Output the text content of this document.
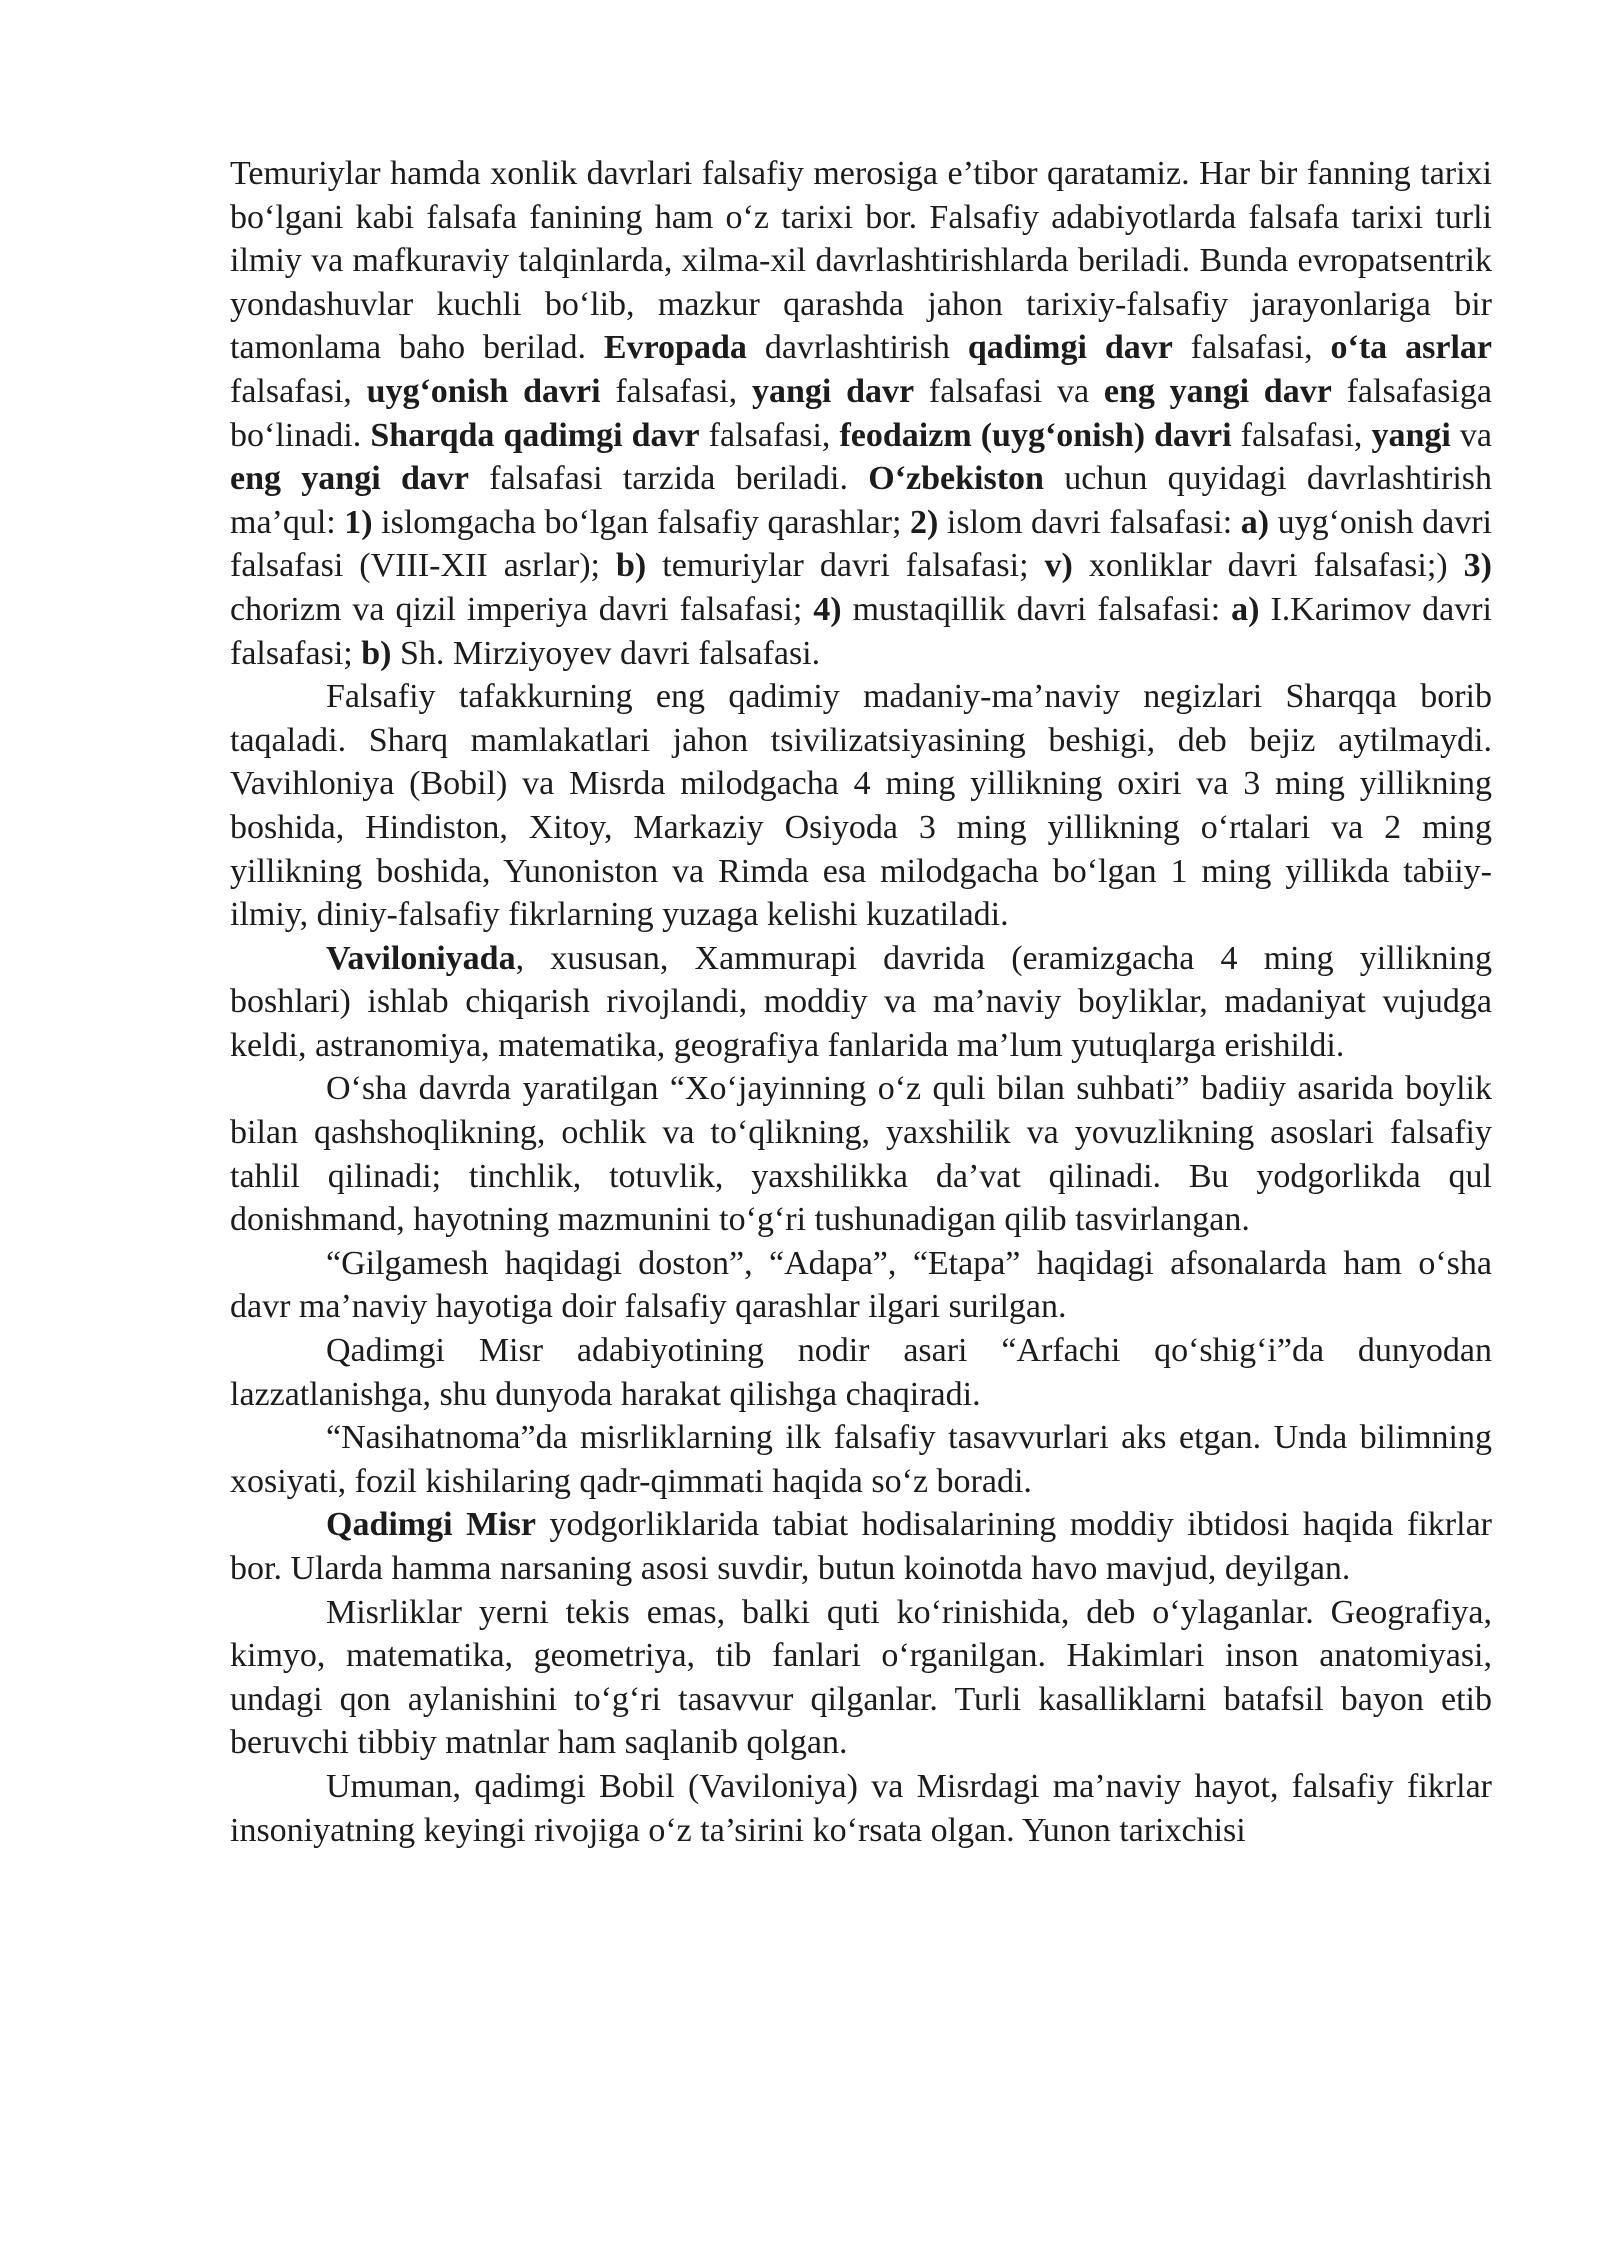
Temuriylar hamda xonlik davrlari falsafiy merosiga e’tibor qaratamiz. Har bir fanning tarixi bo‘lgani kabi falsafa fanining ham o‘z tarixi bor. Falsafiy adabiyotlarda falsafa tarixi turli ilmiy va mafkuraviy talqinlarda, xilma-xil davrlashtirishlarda beriladi. Bunda evropatsentrik yondashuvlar kuchli bo‘lib, mazkur qarashda jahon tarixiy-falsafiy jarayonlariga bir tamonlama baho berilad. Evropada davrlashtirish qadimgi davr falsafasi, o‘ta asrlar falsafasi, uyg‘onish davri falsafasi, yangi davr falsafasi va eng yangi davr falsafasiga bo‘linadi. Sharqda qadimgi davr falsafasi, feodaizm (uyg‘onish) davri falsafasi, yangi va eng yangi davr falsafasi tarzida beriladi. O‘zbekiston uchun quyidagi davrlashtirish ma’qul: 1) islomgacha bo‘lgan falsafiy qarashlar; 2) islom davri falsafasi: a) uyg‘onish davri falsafasi (VIII-XII asrlar); b) temuriylar davri falsafasi; v) xonliklar davri falsafasi;) 3) chorizm va qizil imperiya davri falsafasi; 4) mustaqillik davri falsafasi: a) I.Karimov davri falsafasi; b) Sh. Mirziyoyev davri falsafasi.

Falsafiy tafakkurning eng qadimiy madaniy-ma’naviy negizlari Sharqqa borib taqaladi. Sharq mamlakatlari jahon tsivilizatsiyasining beshigi, deb bejiz aytilmaydi. Vavihloniya (Bobil) va Misrda milodgacha 4 ming yillikning oxiri va 3 ming yillikning boshida, Hindiston, Xitoy, Markaziy Osiyoda 3 ming yillikning o‘rtalari va 2 ming yillikning boshida, Yunoniston va Rimda esa milodgacha bo‘lgan 1 ming yillikda tabiiy-ilmiy, diniy-falsafiy fikrlarning yuzaga kelishi kuzatiladi.

Vaviloniyada, xususan, Xammurapi davrida (eramizgacha 4 ming yillikning boshlari) ishlab chiqarish rivojlandi, moddiy va ma’naviy boyliklar, madaniyat vujudga keldi, astranomiya, matematika, geografiya fanlarida ma’lum yutuqlarga erishildi.

O‘sha davrda yaratilgan “Xo‘jayinning o‘z quli bilan suhbati” badiiy asarida boylik bilan qashshoqlikning, ochlik va to‘qlikning, yaxshilik va yovuzlikning asoslari falsafiy tahlil qilinadi; tinchlik, totuvlik, yaxshilikka da’vat qilinadi. Bu yodgorlikda qul donishmand, hayotning mazmunini to‘g‘ri tushunadigan qilib tasvirlangan.

“Gilgamesh haqidagi doston”, “Adapa”, “Etapa” haqidagi afsonalarda ham o‘sha davr ma’naviy hayotiga doir falsafiy qarashlar ilgari surilgan.

Qadimgi Misr adabiyotining nodir asari “Arfachi qo‘shig‘i”da dunyodan lazzatlanishga, shu dunyoda harakat qilishga chaqiradi.

“Nasihatnoma”da misrliklarning ilk falsafiy tasavvurlari aks etgan. Unda bilimning xosiyati, fozil kishilaring qadr-qimmati haqida so‘z boradi.

Qadimgi Misr yodgorliklarida tabiat hodisalarining moddiy ibtidosi haqida fikrlar bor. Ularda hamma narsaning asosi suvdir, butun koinotda havo mavjud, deyilgan.

Misrliklar yerni tekis emas, balki quti ko‘rinishida, deb o‘ylaganlar. Geografiya, kimyo, matematika, geometriya, tib fanlari o‘rganilgan. Hakimlari inson anatomiyasi, undagi qon aylanishini to‘g‘ri tasavvur qilganlar. Turli kasalliklarni batafsil bayon etib beruvchi tibbiy matnlar ham saqlanib qolgan.

Umuman, qadimgi Bobil (Vaviloniya) va Misrdagi ma’naviy hayot, falsafiy fikrlar insoniyatning keyingi rivojiga o‘z ta’sirini ko‘rsata olgan. Yunon tarixchisi
